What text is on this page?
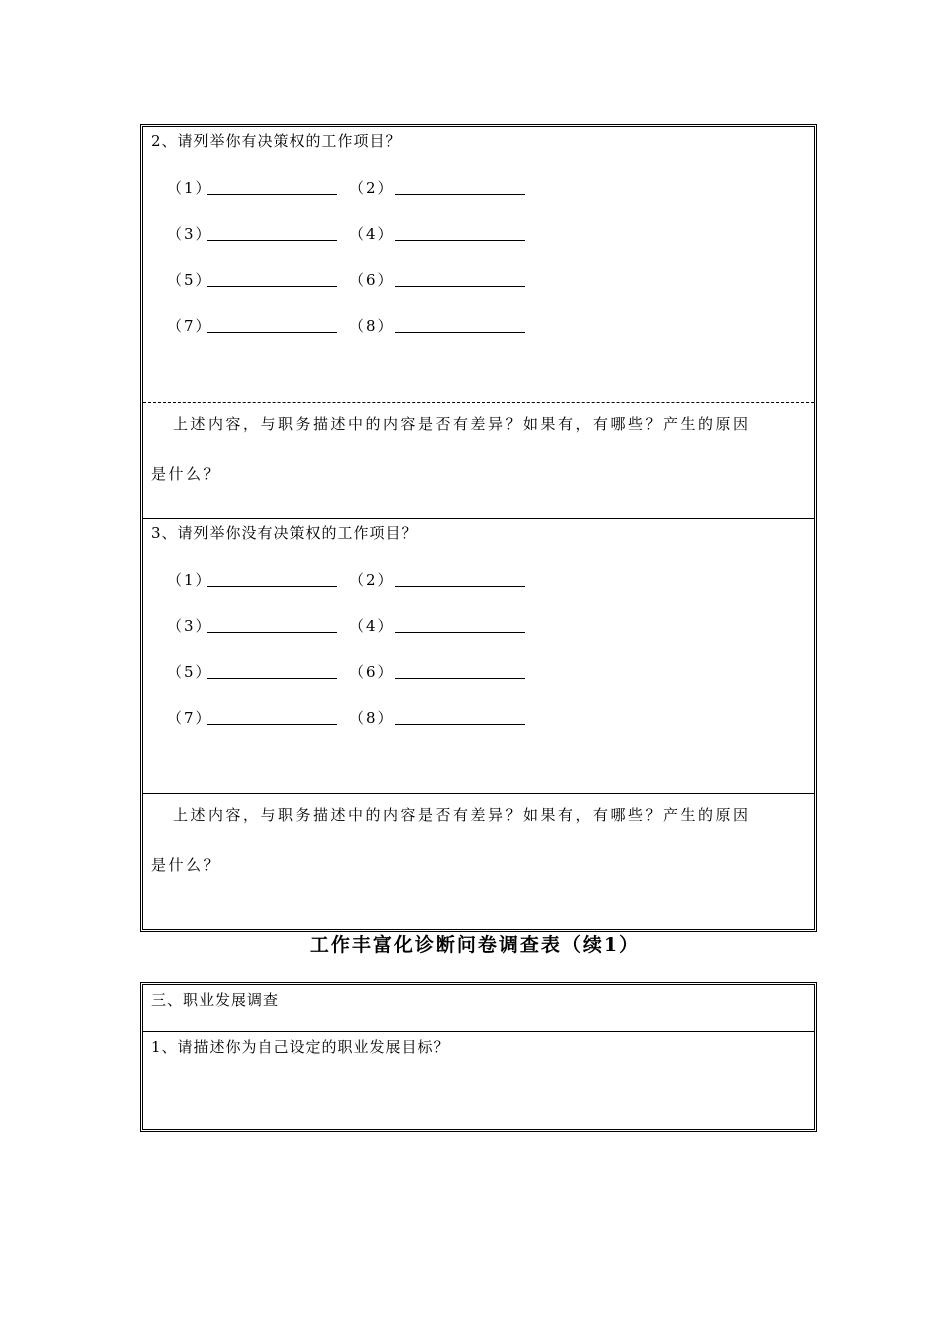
2、请列举你有决策权的工作项目？
（1）	（2）
（3）	（4）
（5）	（6）
（7）	（8）
上述内容，与职务描述中的内容是否有差异？如果有，有哪些？产生的原因
是什么？
3、请列举你没有决策权的工作项目？
（1）	（2）
（3）	（4）
（5）	（6）
（7）	（8）
上述内容，与职务描述中的内容是否有差异？如果有，有哪些？产生的原因
是什么？
工作丰富化诊断问卷调查表（续1）
三、职业发展调查
1、请描述你为自己设定的职业发展目标？
